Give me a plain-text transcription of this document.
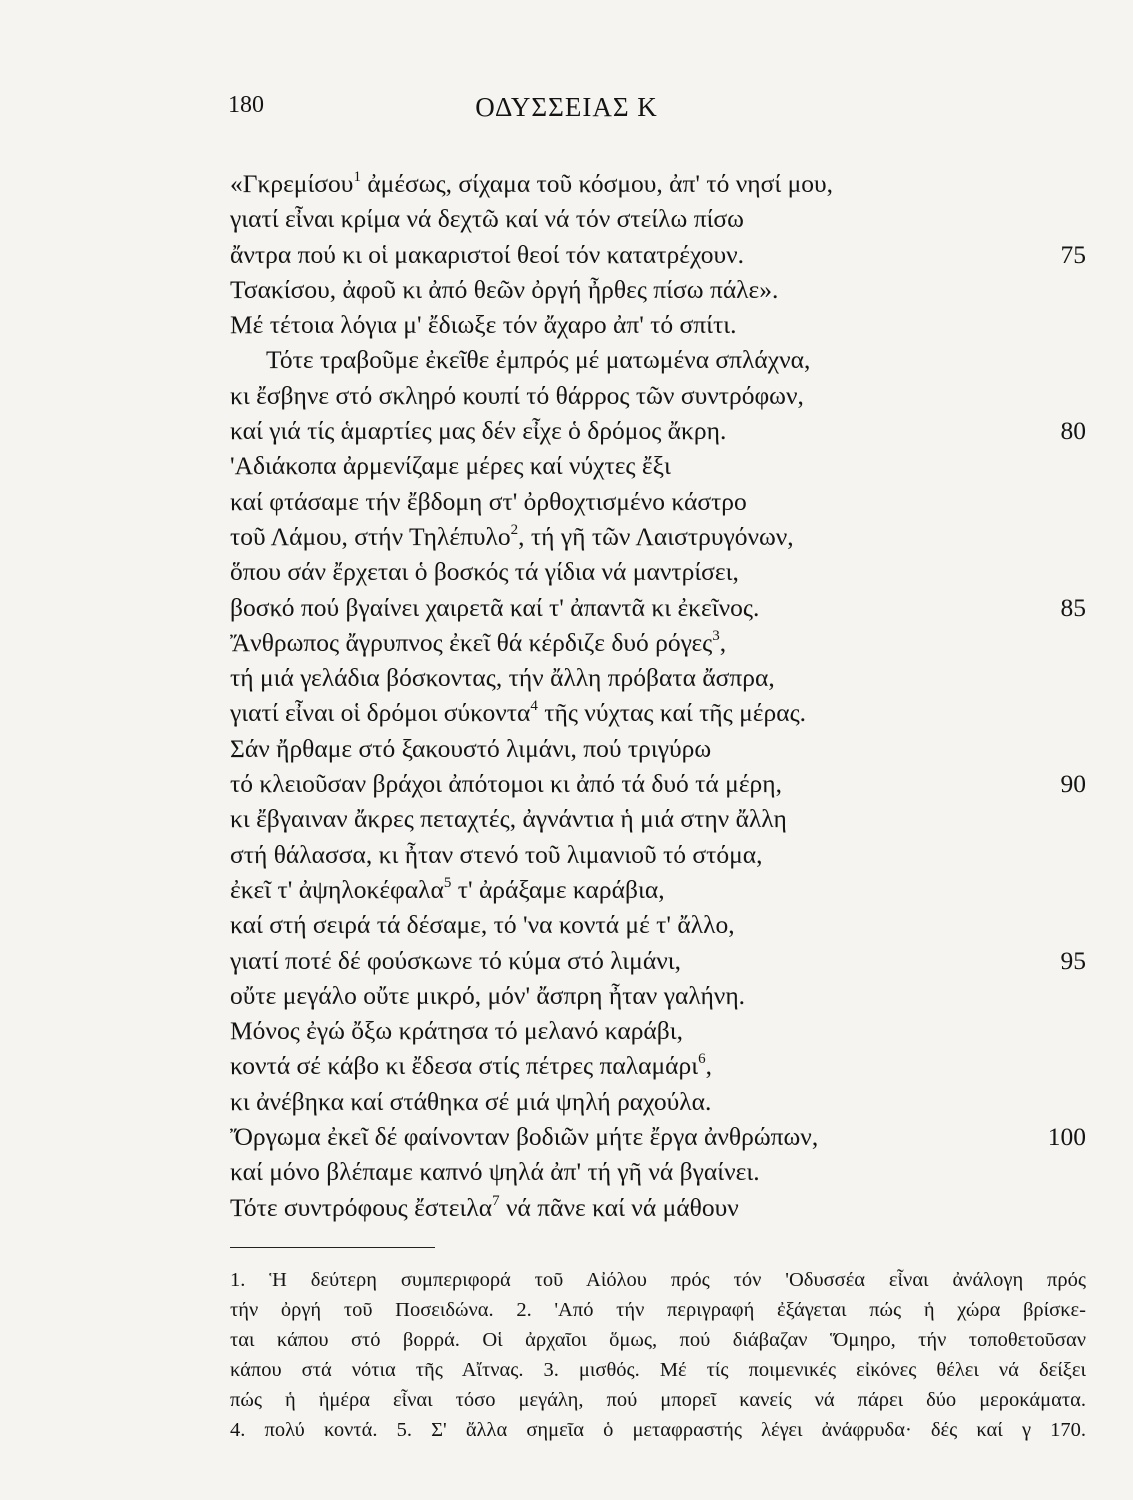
180	ΟΔΥΣΣΕΙΑΣ Κ
«Γκρεμίσου$^1$ ἀμέσως, σίχαμα τοῦ κόσμου, ἀπ' τό νησί μου,
γιατί εἶναι κρίμα νά δεχτῶ καί νά τόν στείλω πίσω
ἄντρα πού κι οἱ μακαριστοί θεοί τόν κατατρέχουν.	75
Τσακίσου, ἀφοῦ κι ἀπό θεῶν ὀργή ἦρθες πίσω πάλε».
Μέ τέτοια λόγια μ' ἔδιωξε τόν ἄχαρο ἀπ' τό σπίτι.
Τότε τραβοῦμε ἐκεῖθε ἐμπρός μέ ματωμένα σπλάχνα,
κι ἔσβηνε στό σκληρό κουπί τό θάρρος τῶν συντρόφων,
καί γιά τίς ἁμαρτίες μας δέν εἶχε ὁ δρόμος ἄκρη.	80
'Αδιάκοπα ἀρμενίζαμε μέρες καί νύχτες ἔξι
καί φτάσαμε τήν ἔβδομη στ' ὀρθοχτισμένο κάστρο
τοῦ Λάμου, στήν Τηλέπυλο$^2$, τή γῆ τῶν Λαιστρυγόνων,
ὅπου σάν ἔρχεται ὁ βοσκός τά γίδια νά μαντρίσει,
βοσκό πού βγαίνει χαιρετᾶ καί τ' ἀπαντᾶ κι ἐκεῖνος.	85
Ἄνθρωπος ἄγρυπνος ἐκεῖ θά κέρδιζε δυό ρόγες$^3$,
τή μιά γελάδια βόσκοντας, τήν ἄλλη πρόβατα ἄσπρα,
γιατί εἶναι οἱ δρόμοι σύκοντα$^4$ τῆς νύχτας καί τῆς μέρας.
Σάν ἤρθαμε στό ξακουστό λιμάνι, πού τριγύρω
τό κλειοῦσαν βράχοι ἀπότομοι κι ἀπό τά δυό τά μέρη,	90
κι ἔβγαιναν ἄκρες πεταχτές, ἀγνάντια ἡ μιά στην ἄλλη
στή θάλασσα, κι ἦταν στενό τοῦ λιμανιοῦ τό στόμα,
ἐκεῖ τ' ἀψηλοκέφαλα$^5$ τ' ἀράξαμε καράβια,
καί στή σειρά τά δέσαμε, τό 'να κοντά μέ τ' ἄλλο,
γιατί ποτέ δέ φούσκωνε τό κύμα στό λιμάνι,	95
οὔτε μεγάλο οὔτε μικρό, μόν' ἄσπρη ἦταν γαλήνη.
Μόνος ἐγώ ὄξω κράτησα τό μελανό καράβι,
κοντά σέ κάβο κι ἔδεσα στίς πέτρες παλαμάρι$^6$,
κι ἀνέβηκα καί στάθηκα σέ μιά ψηλή ραχούλα.
Ὄργωμα ἐκεῖ δέ φαίνονταν βοδιῶν μήτε ἔργα ἀνθρώπων,	100
καί μόνο βλέπαμε καπνό ψηλά ἀπ' τή γῆ νά βγαίνει.
Τότε συντρόφους ἔστειλα$^7$ νά πᾶνε καί νά μάθουν
1. Ἡ δεύτερη συμπεριφορά τοῦ Αἰόλου πρός τόν 'Οδυσσέα εἶναι ἀνάλογη πρός
τήν ὀργή τοῦ Ποσειδώνα. 2. 'Από τήν περιγραφή ἐξάγεται πώς ἡ χώρα βρίσκε-
ται κάπου στό βορρά. Οἱ ἀρχαῖοι ὅμως, πού διάβαζαν Ὅμηρο, τήν τοποθετοῦσαν
κάπου στά νότια τῆς Αἴτνας. 3. μισθός. Μέ τίς ποιμενικές εἰκόνες θέλει νά δείξει
πώς ἡ ἡμέρα εἶναι τόσο μεγάλη, πού μπορεῖ κανείς νά πάρει δύο μεροκάματα.
4. πολύ κοντά. 5. Σ' ἄλλα σημεῖα ὁ μεταφραστής λέγει ἀνάφρυδα· δές καί γ 170.
